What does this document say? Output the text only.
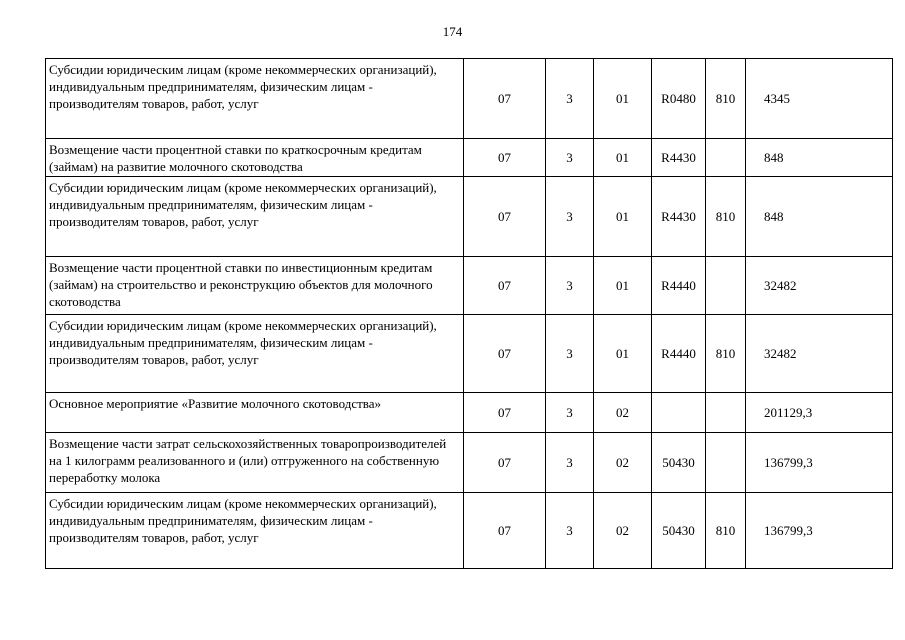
174
Субсидии юридическим лицам (кроме некоммерческих организаций), индивидуальным предпринимателям, физическим лицам - производителям товаров, работ, услуг	07	3	01	R0480	810	4345
Возмещение части процентной ставки по краткосрочным кредитам (займам) на развитие молочного скотоводства	07	3	01	R4430		848
Субсидии юридическим лицам (кроме некоммерческих организаций), индивидуальным предпринимателям, физическим лицам - производителям товаров, работ, услуг	07	3	01	R4430	810	848
Возмещение части процентной ставки по инвестиционным кредитам (займам) на строительство и реконструкцию объектов для молочного скотоводства	07	3	01	R4440		32482
Субсидии юридическим лицам (кроме некоммерческих организаций), индивидуальным предпринимателям, физическим лицам - производителям товаров, работ, услуг	07	3	01	R4440	810	32482
Основное мероприятие «Развитие молочного скотоводства»	07	3	02			201129,3
Возмещение части затрат сельскохозяйственных товаропроизводителей на 1 килограмм реализованного и (или) отгруженного на собственную переработку молока	07	3	02	50430		136799,3
Субсидии юридическим лицам (кроме некоммерческих организаций), индивидуальным предпринимателям, физическим лицам - производителям товаров, работ, услуг	07	3	02	50430	810	136799,3
